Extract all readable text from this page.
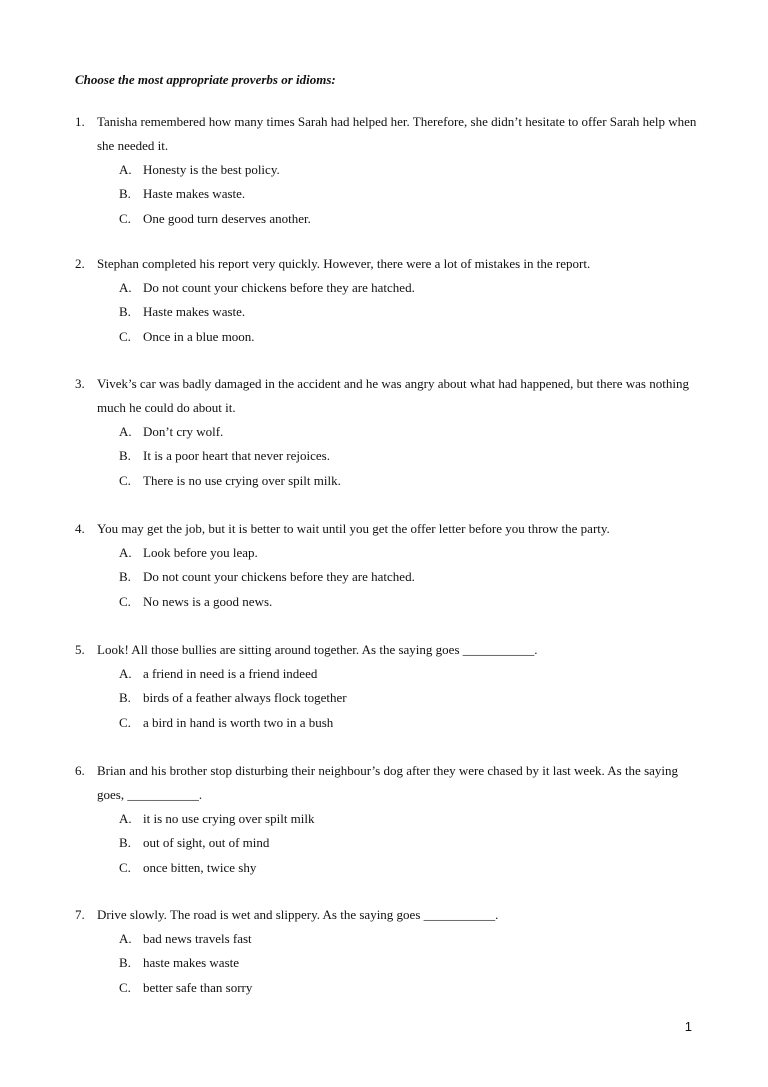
Choose the most appropriate proverbs or idioms:
1. Tanisha remembered how many times Sarah had helped her. Therefore, she didn’t hesitate to offer Sarah help when she needed it.
A. Honesty is the best policy.
B. Haste makes waste.
C. One good turn deserves another.
2. Stephan completed his report very quickly. However, there were a lot of mistakes in the report.
A. Do not count your chickens before they are hatched.
B. Haste makes waste.
C. Once in a blue moon.
3. Vivek’s car was badly damaged in the accident and he was angry about what had happened, but there was nothing much he could do about it.
A. Don’t cry wolf.
B. It is a poor heart that never rejoices.
C. There is no use crying over spilt milk.
4. You may get the job, but it is better to wait until you get the offer letter before you throw the party.
A. Look before you leap.
B. Do not count your chickens before they are hatched.
C. No news is a good news.
5. Look! All those bullies are sitting around together. As the saying goes ___________.
A. a friend in need is a friend indeed
B. birds of a feather always flock together
C. a bird in hand is worth two in a bush
6. Brian and his brother stop disturbing their neighbour’s dog after they were chased by it last week. As the saying goes, ___________.
A. it is no use crying over spilt milk
B. out of sight, out of mind
C. once bitten, twice shy
7. Drive slowly. The road is wet and slippery. As the saying goes ___________.
A. bad news travels fast
B. haste makes waste
C. better safe than sorry
1
